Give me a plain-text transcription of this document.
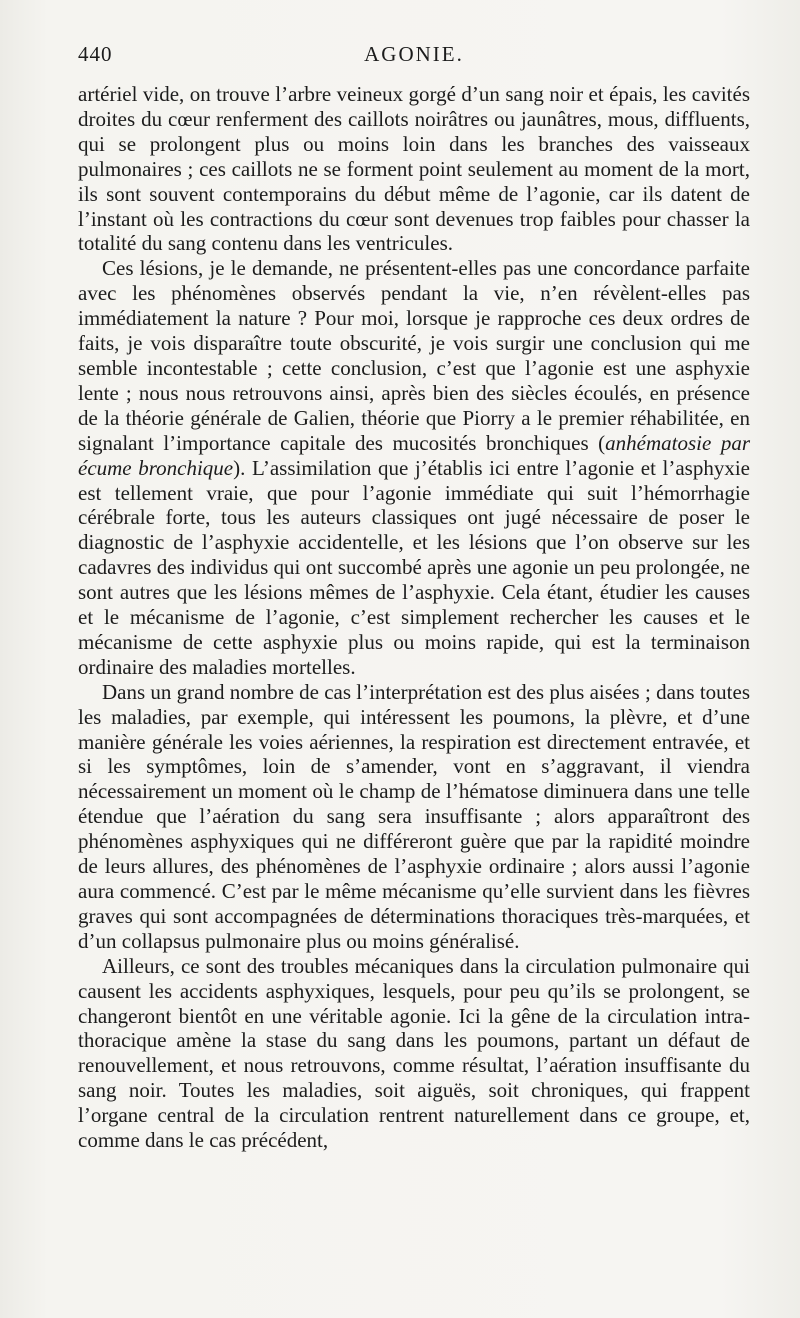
440	AGONIE.

artériel vide, on trouve l’arbre veineux gorgé d’un sang noir et épais, les cavités droites du cœur renferment des caillots noirâtres ou jaunâtres, mous, diffluents, qui se prolongent plus ou moins loin dans les branches des vaisseaux pulmonaires ; ces caillots ne se forment point seulement au moment de la mort, ils sont souvent contemporains du début même de l’agonie, car ils datent de l’instant où les contractions du cœur sont devenues trop faibles pour chasser la totalité du sang contenu dans les ventricules.

Ces lésions, je le demande, ne présentent-elles pas une concordance parfaite avec les phénomènes observés pendant la vie, n’en révèlent-elles pas immédiatement la nature ? Pour moi, lorsque je rapproche ces deux ordres de faits, je vois disparaître toute obscurité, je vois surgir une conclusion qui me semble incontestable ; cette conclusion, c’est que l’agonie est une asphyxie lente ; nous nous retrouvons ainsi, après bien des siècles écoulés, en présence de la théorie générale de Galien, théorie que Piorry a le premier réhabilitée, en signalant l’importance capitale des mucosités bronchiques (anhématosie par écume bronchique). L’assimilation que j’établis ici entre l’agonie et l’asphyxie est tellement vraie, que pour l’agonie immédiate qui suit l’hémorrhagie cérébrale forte, tous les auteurs classiques ont jugé nécessaire de poser le diagnostic de l’asphyxie accidentelle, et les lésions que l’on observe sur les cadavres des individus qui ont succombé après une agonie un peu prolongée, ne sont autres que les lésions mêmes de l’asphyxie. Cela étant, étudier les causes et le mécanisme de l’agonie, c’est simplement rechercher les causes et le mécanisme de cette asphyxie plus ou moins rapide, qui est la terminaison ordinaire des maladies mortelles.

Dans un grand nombre de cas l’interprétation est des plus aisées ; dans toutes les maladies, par exemple, qui intéressent les poumons, la plèvre, et d’une manière générale les voies aériennes, la respiration est directement entravée, et si les symptômes, loin de s’amender, vont en s’aggravant, il viendra nécessairement un moment où le champ de l’hématose diminuera dans une telle étendue que l’aération du sang sera insuffisante ; alors apparaîtront des phénomènes asphyxiques qui ne différeront guère que par la rapidité moindre de leurs allures, des phénomènes de l’asphyxie ordinaire ; alors aussi l’agonie aura commencé. C’est par le même mécanisme qu’elle survient dans les fièvres graves qui sont accompagnées de déterminations thoraciques très-marquées, et d’un collapsus pulmonaire plus ou moins généralisé.

Ailleurs, ce sont des troubles mécaniques dans la circulation pulmonaire qui causent les accidents asphyxiques, lesquels, pour peu qu’ils se prolongent, se changeront bientôt en une véritable agonie. Ici la gêne de la circulation intra-thoracique amène la stase du sang dans les poumons, partant un défaut de renouvellement, et nous retrouvons, comme résultat, l’aération insuffisante du sang noir. Toutes les maladies, soit aiguës, soit chroniques, qui frappent l’organe central de la circulation rentrent naturellement dans ce groupe, et, comme dans le cas précédent,
